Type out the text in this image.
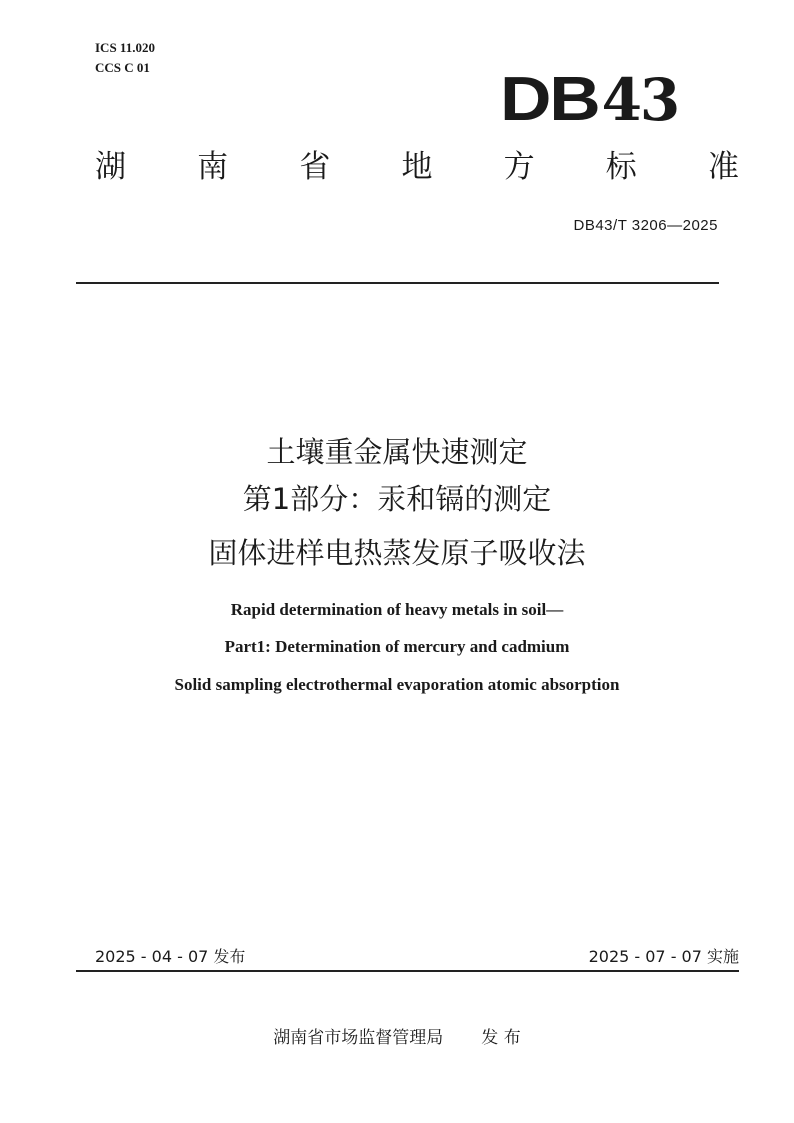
ICS 11.020
CCS C 01	DB43
湖 南 省 地 方 标 准
DB43/T 3206—2025
土壤重金属快速测定
第1部分：汞和镉的测定
固体进样电热蒸发原子吸收法
Rapid determination of heavy metals in soil—
Part1: Determination of mercury and cadmium
Solid sampling electrothermal evaporation atomic absorption
2025 - 04 - 07 发布	2025 - 07 - 07 实施
湖南省市场监督管理局 发 布
